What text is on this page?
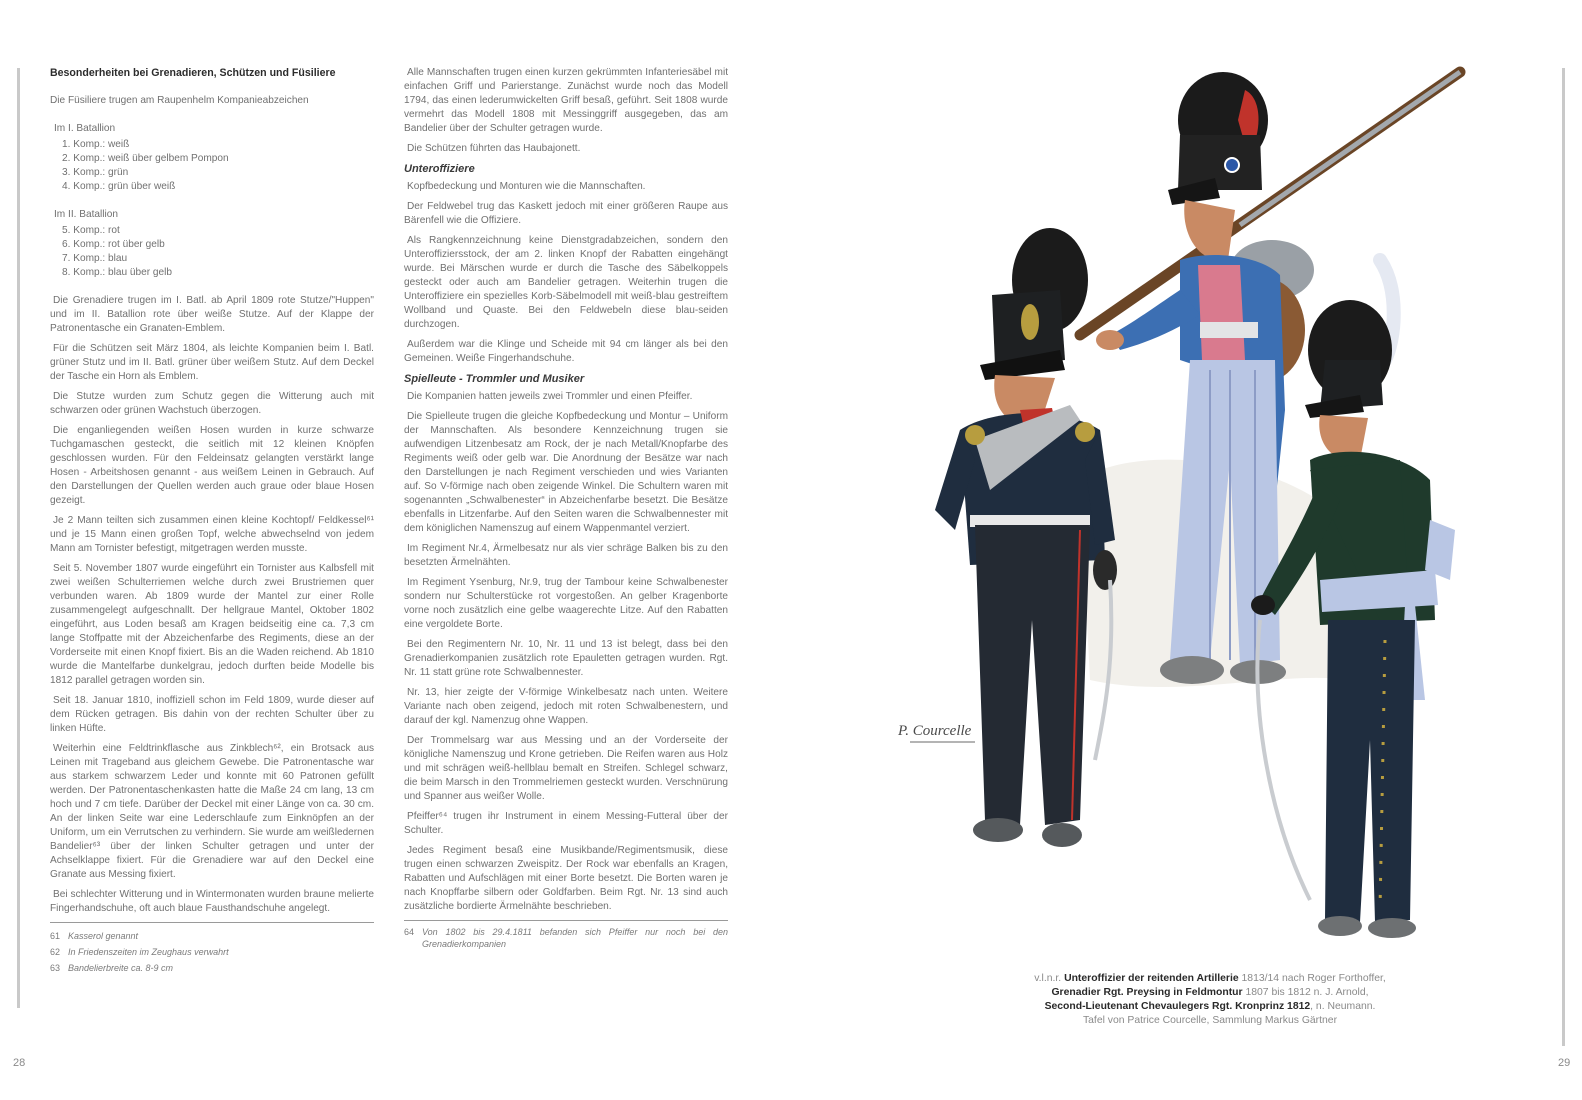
Besonderheiten bei Grenadieren, Schützen und Füsiliere
Die Füsiliere trugen am Raupenhelm Kompanieabzeichen
Im I. Batallion
1. Komp.: weiß
2. Komp.: weiß über gelbem Pompon
3. Komp.: grün
4. Komp.: grün über weiß
Im II. Batallion
5. Komp.: rot
6. Komp.: rot über gelb
7. Komp.: blau
8. Komp.: blau über gelb

Die Grenadiere trugen im I. Batl. ab April 1809 rote Stutze/"Huppen" und im II. Batallion rote über weiße Stutze. Auf der Klappe der Patronentasche ein Granaten-Emblem.

Für die Schützen seit März 1804, als leichte Kompanien beim I. Batl. grüner Stutz und im II. Batl. grüner über weißem Stutz. Auf dem Deckel der Tasche ein Horn als Emblem.

Die Stutze wurden zum Schutz gegen die Witterung auch mit schwarzen oder grünen Wachstuch überzogen.

Die enganliegenden weißen Hosen wurden in kurze schwarze Tuchgamaschen gesteckt, die seitlich mit 12 kleinen Knöpfen geschlossen wurden. Für den Feldeinsatz gelangten verstärkt lange Hosen - Arbeitshosen genannt - aus weißem Leinen in Gebrauch. Auf den Darstellungen der Quellen werden auch graue oder blaue Hosen gezeigt.

Je 2 Mann teilten sich zusammen einen kleine Kochtopf/ Feldkessel⁶¹ und je 15 Mann einen großen Topf, welche abwechselnd von jedem Mann am Tornister befestigt, mitgetragen werden musste.

Seit 5. November 1807 wurde eingeführt ein Tornister aus Kalbsfell mit zwei weißen Schulterriemen welche durch zwei Brustriemen quer verbunden waren. Ab 1809 wurde der Mantel zur einer Rolle zusammengelegt aufgeschnallt. Der hellgraue Mantel, Oktober 1802 eingeführt, aus Loden besaß am Kragen beidseitig eine ca. 7,3 cm lange Stoffpatte mit der Abzeichenfarbe des Regiments, diese an der Vorderseite mit einen Knopf fixiert. Bis an die Waden reichend. Ab 1810 wurde die Mantelfarbe dunkelgrau, jedoch durften beide Modelle bis 1812 parallel getragen worden sin.

Seit 18. Januar 1810, inoffiziell schon im Feld 1809, wurde dieser auf dem Rücken getragen. Bis dahin von der rechten Schulter über zu linken Hüfte.

Weiterhin eine Feldtrinkflasche aus Zinkblech⁶², ein Brotsack aus Leinen mit Trageband aus gleichem Gewebe. Die Patronentasche war aus starkem schwarzem Leder und konnte mit 60 Patronen gefüllt werden. Der Patronentaschenkasten hatte die Maße 24 cm lang, 13 cm hoch und 7 cm tiefe. Darüber der Deckel mit einer Länge von ca. 30 cm. An der linken Seite war eine Lederschlaufe zum Einknöpfen an der Uniform, um ein Verrutschen zu verhindern. Sie wurde am weißledernen Bandelier⁶³ über der linken Schulter getragen und unter der Achselklappe fixiert. Für die Grenadiere war auf den Deckel eine Granate aus Messing fixiert.

Bei schlechter Witterung und in Wintermonaten wurden braune melierte Fingerhandschuhe, oft auch blaue Fausthandschuhe angelegt.

61 Kasserol genannt
62 In Friedenszeiten im Zeughaus verwahrt
63 Bandelierbreite ca. 8-9 cm

Alle Mannschaften trugen einen kurzen gekrümmten Infanteriesäbel mit einfachen Griff und Parierstange. Zunächst wurde noch das Modell 1794, das einen lederumwickelten Griff besaß, geführt. Seit 1808 wurde vermehrt das Modell 1808 mit Messinggriff ausgegeben, das am Bandelier über der Schulter getragen wurde.

Die Schützen führten das Haubajonett.

Unteroffiziere

Kopfbedeckung und Monturen wie die Mannschaften.

Der Feldwebel trug das Kaskett jedoch mit einer größeren Raupe aus Bärenfell wie die Offiziere.

Als Rangkennzeichnung keine Dienstgradabzeichen, sondern den Unteroffiziersstock, der am 2. linken Knopf der Rabatten eingehängt wurde. Bei Märschen wurde er durch die Tasche des Säbelkoppels gesteckt oder auch am Bandelier getragen. Weiterhin trugen die Unteroffiziere ein spezielles Korb-Säbelmodell mit weiß-blau gestreiftem Wollband und Quaste. Bei den Feldwebeln diese blau-seiden durchzogen.

Außerdem war die Klinge und Scheide mit 94 cm länger als bei den Gemeinen. Weiße Fingerhandschuhe.

Spielleute - Trommler und Musiker

Die Kompanien hatten jeweils zwei Trommler und einen Pfeiffer.

Die Spielleute trugen die gleiche Kopfbedeckung und Montur – Uniform der Mannschaften. Als besondere Kennzeichnung trugen sie aufwendigen Litzenbesatz am Rock, der je nach Metall/Knopfarbe des Regiments weiß oder gelb war. Die Anordnung der Besätze war nach den Darstellungen je nach Regiment verschieden und wies Varianten auf. So V-förmige nach oben zeigende Winkel. Die Schultern waren mit sogenannten „Schwalbenester“ in Abzeichenfarbe besetzt. Die Besätze ebenfalls in Litzenfarbe. Auf den Seiten waren die Schwalbennester mit dem königlichen Namenszug auf einem Wappenmantel verziert.

Im Regiment Nr.4, Ärmelbesatz nur als vier schräge Balken bis zu den besetzten Ärmelnähten.

Im Regiment Ysenburg, Nr.9, trug der Tambour keine Schwalbenester sondern nur Schulterstücke rot vorgestoßen. An gelber Kragenborte vorne noch zusätzlich eine gelbe waagerechte Litze. Auf den Rabatten eine vergoldete Borte.

Bei den Regimentern Nr. 10, Nr. 11 und 13 ist belegt, dass bei den Grenadierkompanien zusätzlich rote Epauletten getragen wurden. Rgt. Nr. 11 statt grüne rote Schwalbennester.

Nr. 13, hier zeigte der V-förmige Winkelbesatz nach unten. Weitere Variante nach oben zeigend, jedoch mit roten Schwalbenestern, und darauf der kgl. Namenzug ohne Wappen.

Der Trommelsarg war aus Messing und an der Vorderseite der königliche Namenszug und Krone getrieben. Die Reifen waren aus Holz und mit schrägen weiß-hellblau bemalt en Streifen. Schlegel schwarz, die beim Marsch in den Trommelriemen gesteckt wurden. Verschnürung und Spanner aus weißer Wolle.

Pfeiffer⁶⁴ trugen ihr Instrument in einem Messing-Futteral über der Schulter.

Jedes Regiment besaß eine Musikbande/Regimentsmusik, diese trugen einen schwarzen Zweispitz. Der Rock war ebenfalls an Kragen, Rabatten und Aufschlägen mit einer Borte besetzt. Die Borten waren je nach Knopffarbe silbern oder Goldfarben. Beim Rgt. Nr. 13 sind auch zusätzliche bordierte Ärmelnähte beschrieben.

64 Von 1802 bis 29.4.1811 befanden sich Pfeiffer nur noch bei den Grenadierkompanien
P. Courcelle
v.l.n.r. Unteroffizier der reitenden Artillerie 1813/14 nach Roger Forthoffer,
Grenadier Rgt. Preysing in Feldmontur 1807 bis 1812 n. J. Arnold,
Second-Lieutenant Chevaulegers Rgt. Kronprinz 1812, n. Neumann.
Tafel von Patrice Courcelle, Sammlung Markus Gärtner
28	29
